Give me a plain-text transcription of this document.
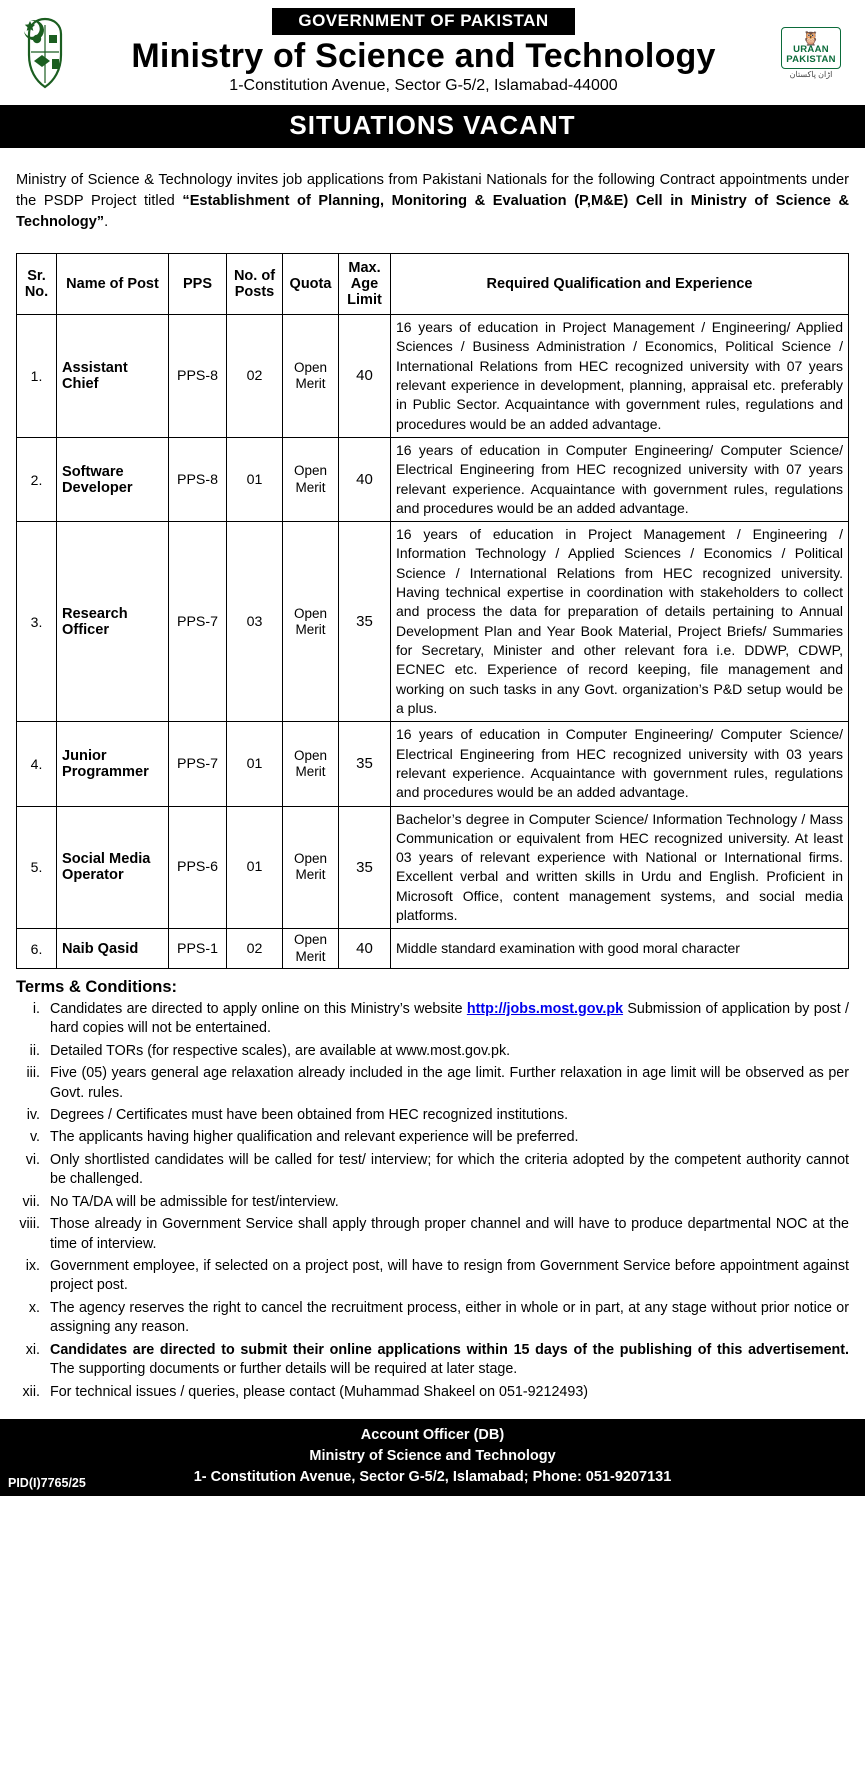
GOVERNMENT OF PAKISTAN
Ministry of Science and Technology
1-Constitution Avenue, Sector G-5/2, Islamabad-44000
🦉
URAAN
PAKISTAN
اڑان پاکستان
SITUATIONS VACANT

Ministry of Science & Technology invites job applications from Pakistani Nationals for the following Contract appointments under the PSDP Project titled “Establishment of Planning, Monitoring & Evaluation (P,M&E) Cell in Ministry of Science & Technology”.

Sr. No.	Name of Post	PPS	No. of Posts	Quota	Max. Age Limit	Required Qualification and Experience
1.	Assistant Chief	PPS-8	02	Open Merit	40	16 years of education in Project Management / Engineering/ Applied Sciences / Business Administration / Economics, Political Science / International Relations from HEC recognized university with 07 years relevant experience in development, planning, appraisal etc. preferably in Public Sector. Acquaintance with government rules, regulations and procedures would be an added advantage.
2.	Software Developer	PPS-8	01	Open Merit	40	16 years of education in Computer Engineering/ Computer Science/ Electrical Engineering from HEC recognized university with 07 years relevant experience. Acquaintance with government rules, regulations and procedures would be an added advantage.
3.	Research Officer	PPS-7	03	Open Merit	35	16 years of education in Project Management / Engineering / Information Technology / Applied Sciences / Economics / Political Science / International Relations from HEC recognized university. Having technical expertise in coordination with stakeholders to collect and process the data for preparation of details pertaining to Annual Development Plan and Year Book Material, Project Briefs/ Summaries for Secretary, Minister and other relevant fora i.e. DDWP, CDWP, ECNEC etc. Experience of record keeping, file management and working on such tasks in any Govt. organization’s P&D setup would be a plus.
4.	Junior Programmer	PPS-7	01	Open Merit	35	16 years of education in Computer Engineering/ Computer Science/ Electrical Engineering from HEC recognized university with 03 years relevant experience. Acquaintance with government rules, regulations and procedures would be an added advantage.
5.	Social Media Operator	PPS-6	01	Open Merit	35	Bachelor’s degree in Computer Science/ Information Technology / Mass Communication or equivalent from HEC recognized university. At least 03 years of relevant experience with National or International firms. Excellent verbal and written skills in Urdu and English. Proficient in Microsoft Office, content management systems, and social media platforms.
6.	Naib Qasid	PPS-1	02	Open Merit	40	Middle standard examination with good moral character
Terms & Conditions:
i. Candidates are directed to apply online on this Ministry’s website http://jobs.most.gov.pk Submission of application by post / hard copies will not be entertained.
ii. Detailed TORs (for respective scales), are available at www.most.gov.pk.
iii. Five (05) years general age relaxation already included in the age limit. Further relaxation in age limit will be observed as per Govt. rules.
iv. Degrees / Certificates must have been obtained from HEC recognized institutions.
v. The applicants having higher qualification and relevant experience will be preferred.
vi. Only shortlisted candidates will be called for test/ interview; for which the criteria adopted by the competent authority cannot be challenged.
vii. No TA/DA will be admissible for test/interview.
viii. Those already in Government Service shall apply through proper channel and will have to produce departmental NOC at the time of interview.
ix. Government employee, if selected on a project post, will have to resign from Government Service before appointment against project post.
x. The agency reserves the right to cancel the recruitment process, either in whole or in part, at any stage without prior notice or assigning any reason.
xi. Candidates are directed to submit their online applications within 15 days of the publishing of this advertisement. The supporting documents or further details will be required at later stage.
xii. For technical issues / queries, please contact (Muhammad Shakeel on 051-9212493)
Account Officer (DB)
Ministry of Science and Technology
1- Constitution Avenue, Sector G-5/2, Islamabad; Phone: 051-9207131
PID(I)7765/25
